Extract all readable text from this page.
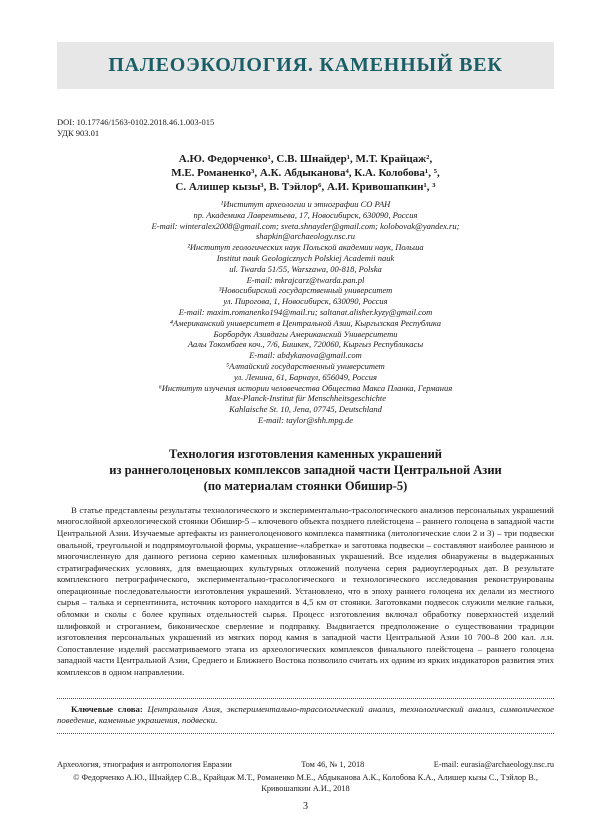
ПАЛЕОЭКОЛОГИЯ. КАМЕННЫЙ ВЕК
DOI: 10.17746/1563-0102.2018.46.1.003-015
УДК 903.01
А.Ю. Федорченко¹, С.В. Шнайдер¹, М.Т. Крайцаж²,
М.Е. Романенко³, А.К. Абдыканова⁴, К.А. Колобова¹, ⁵,
С. Алишер кызы³, В. Тэйлор⁶, А.И. Кривошапкин¹, ³
¹Институт археологии и этнографии СО РАН
пр. Академика Лаврентьева, 17, Новосибирск, 630090, Россия
E-mail: winteralex2008@gmail.com; sveta.shnayder@gmail.com; kolobovak@yandex.ru;
shapkin@archaeology.nsc.ru
²Институт геологических наук Польской академии наук, Польша
Institut nauk Geologicznych Polskiej Academii nauk
ul. Twarda 51/55, Warszawa, 00-818, Polska
E-mail: mkrajcarz@twarda.pan.pl
³Новосибирский государственный университет
ул. Пирогова, 1, Новосибирск, 630090, Россия
E-mail: maxim.romanenko194@mail.ru; saltanat.alisher.kyzy@gmail.com
⁴Американский университет в Центральной Азии, Кыргызская Республика
Борбордук Азиядагы Американский Университети
Аалы Токомбаев коч., 7/6, Бишкек, 720060, Кыргыз Республикасы
E-mail: abdykanova@gmail.com
⁵Алтайский государственный университет
ул. Ленина, 61, Барнаул, 656049, Россия
⁶Институт изучения истории человечества Общества Макса Планка, Германия
Max-Planck-Institut für Menschheitsgeschichte
Kahlaische St. 10, Jena, 07745, Deutschland
E-mail: taylor@shh.mpg.de
Технология изготовления каменных украшений
из раннеголоценовых комплексов западной части Центральной Азии
(по материалам стоянки Обишир-5)

В статье представлены результаты технологического и экспериментально-трасологического анализов персональных украшений многослойной археологической стоянки Обишир-5 – ключевого объекта позднего плейстоцена – раннего голоцена в западной части Центральной Азии. Изучаемые артефакты из раннеголоценового комплекса памятника (литологические слои 2 и 3) – три подвески овальной, треугольной и подпрямоугольной формы, украшение-«лабретка» и заготовка подвески – составляют наиболее раннюю и многочисленную для данного региона серию каменных шлифованных украшений. Все изделия обнаружены в выдержанных стратиграфических условиях, для вмещающих культурных отложений получена серия радиоуглеродных дат. В результате комплексного петрографического, экспериментально-трасологического и технологического исследования реконструированы операционные последовательности изготовления украшений. Установлено, что в эпоху раннего голоцена их делали из местного сырья – талька и серпентинита, источник которого находится в 4,5 км от стоянки. Заготовками подвесок служили мелкие гальки, обломки и сколы с более крупных отдельностей сырья. Процесс изготовления включал обработку поверхностей изделий шлифовкой и строганием, биконическое сверление и подправку. Выдвигается предположение о существовании традиции изготовления персональных украшений из мягких пород камня в западной части Центральной Азии 10 700–8 200 кал. л.н. Сопоставление изделий рассматриваемого этапа из археологических комплексов финального плейстоцена – раннего голоцена западной части Центральной Азии, Среднего и Ближнего Востока позволило считать их одним из ярких индикаторов развития этих комплексов в одном направлении.

Ключевые слова: Центральная Азия, экспериментально-трасологический анализ, технологический анализ, символическое поведение, каменные украшения, подвески.

Археология, этнография и антропология Евразии	Том 46, № 1, 2018	E-mail: eurasia@archaeology.nsc.ru
© Федорченко А.Ю., Шнайдер С.В., Крайцаж М.Т., Романенко М.Е., Абдыканова А.К., Колобова К.А., Алишер кызы С., Тэйлор В., Кривошапкин А.И., 2018
3
